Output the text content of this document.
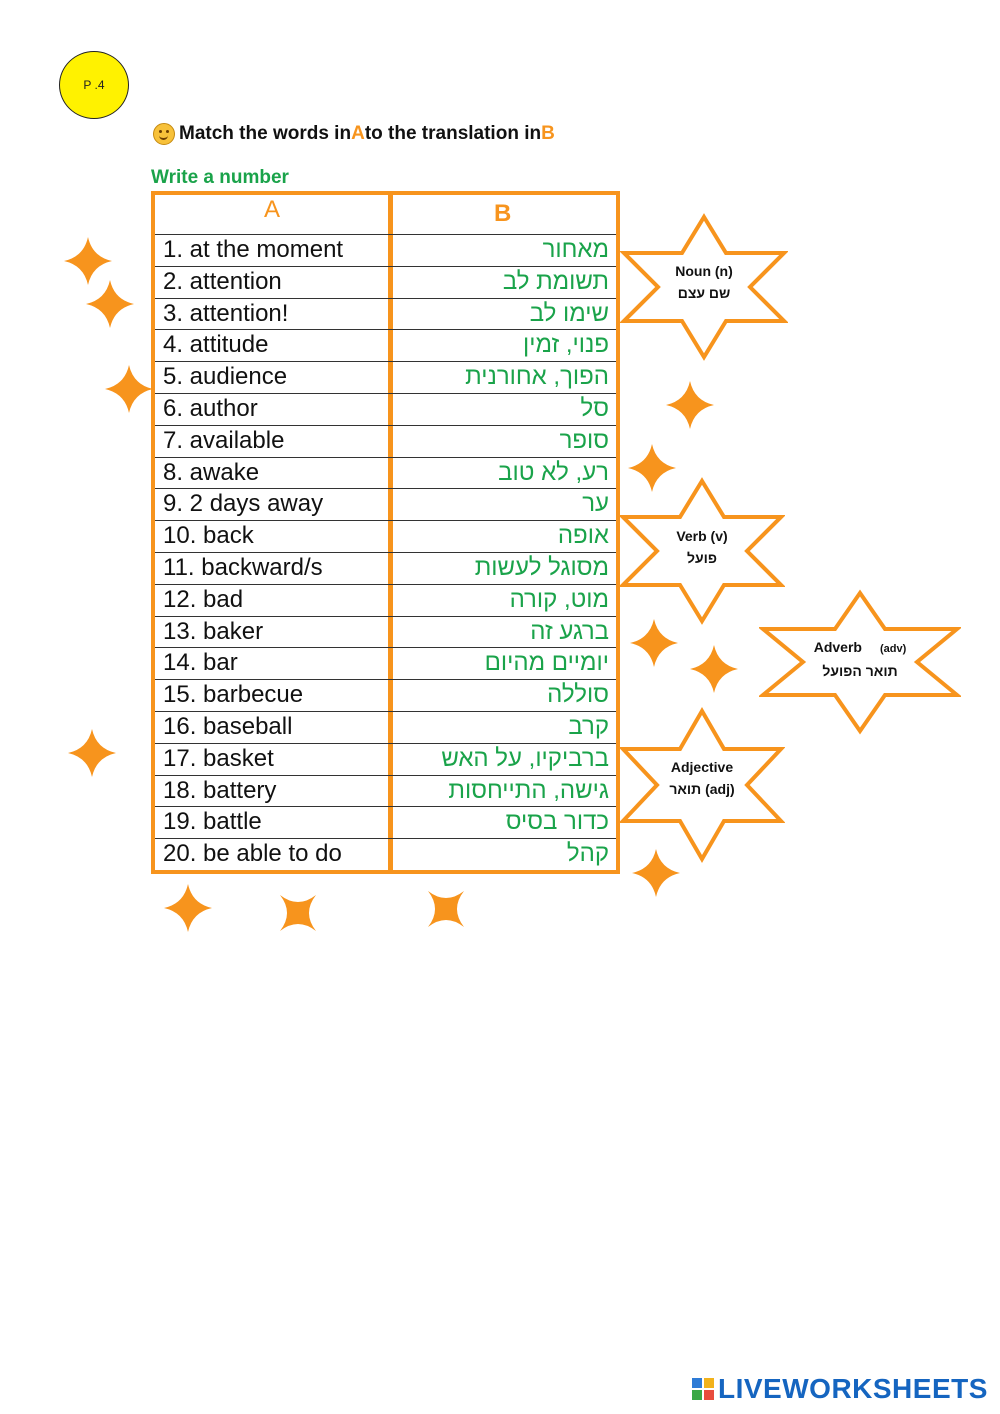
P .4
Match the words in A to the translation in B
Write a number
A	B
1. at the moment	מאחור
2. attention	תשומת לב
3. attention!	שימו לב
4. attitude	פנוי, זמין
5. audience	הפוך, אחורנית
6. author	סל
7. available	סופר
8. awake	רע, לא טוב
9. 2 days away	ער
10. back	אופה
11. backward/s	מסוגל לעשות
12. bad	מוט, קורה
13. baker	ברגע זה
14. bar	יומיים מהיום
15. barbecue	סוללה
16. baseball	קרב
17. basket	ברביקיו, על האש
18. battery	גישה, התייחסות
19. battle	כדור בסיס
20. be able to do	קהל
Noun (n)
שם עצם
Verb (v)
פועל
Adverb (adv)
תואר הפועל
Adjective
(adj) תואר
LIVEWORKSHEETS
